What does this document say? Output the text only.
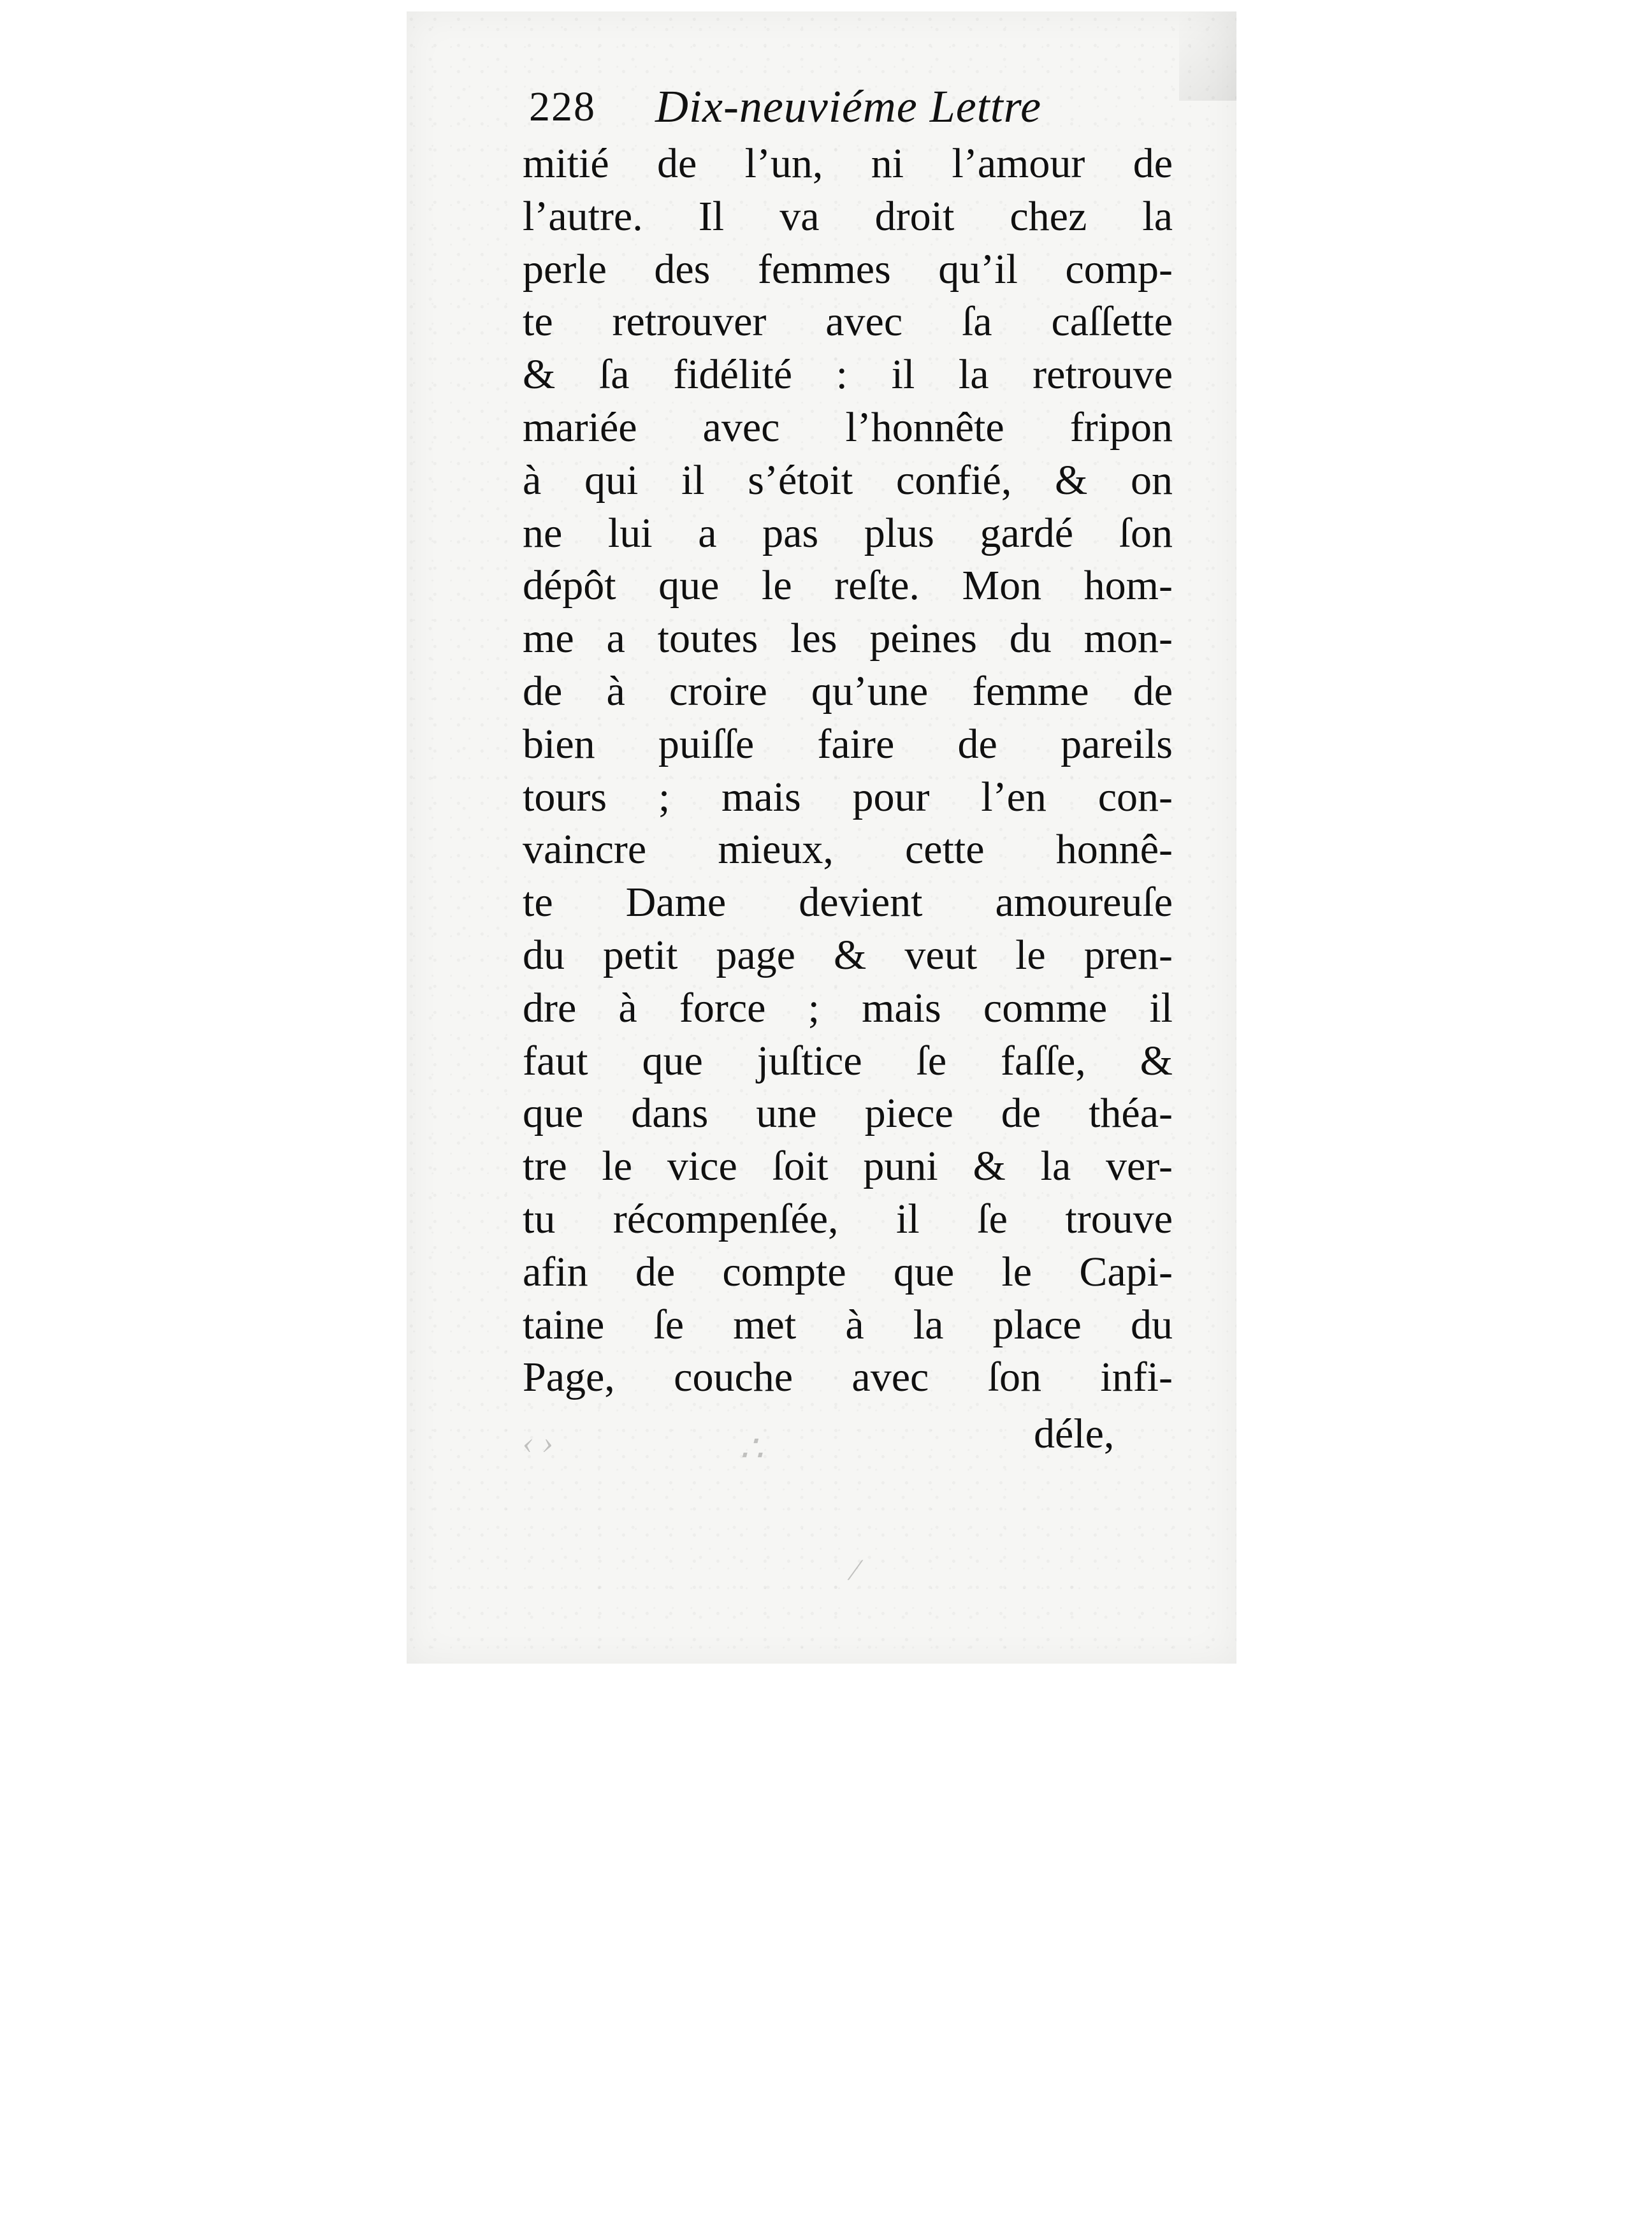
228 Dix-neuviéme Lettre
mitié de l’un, ni l’amour de
l’autre. Il va droit chez la
perle des femmes qu’il comp-
te retrouver avec ſa caſſette
& ſa fidélité : il la retrouve
mariée avec l’honnête fripon
à qui il s’étoit confié, & on
ne lui a pas plus gardé ſon
dépôt que le reſte. Mon hom-
me a toutes les peines du mon-
de à croire qu’une femme de
bien puiſſe faire de pareils
tours ; mais pour l’en con-
vaincre mieux, cette honnê-
te Dame devient amoureuſe
du petit page & veut le pren-
dre à force ; mais comme il
faut que juſtice ſe faſſe, &
que dans une piece de théa-
tre le vice ſoit puni & la ver-
tu récompenſée, il ſe trouve
afin de compte que le Capi-
taine ſe met à la place du
Page, couche avec ſon infi-
déle,
‹ ›	∴
⁄
